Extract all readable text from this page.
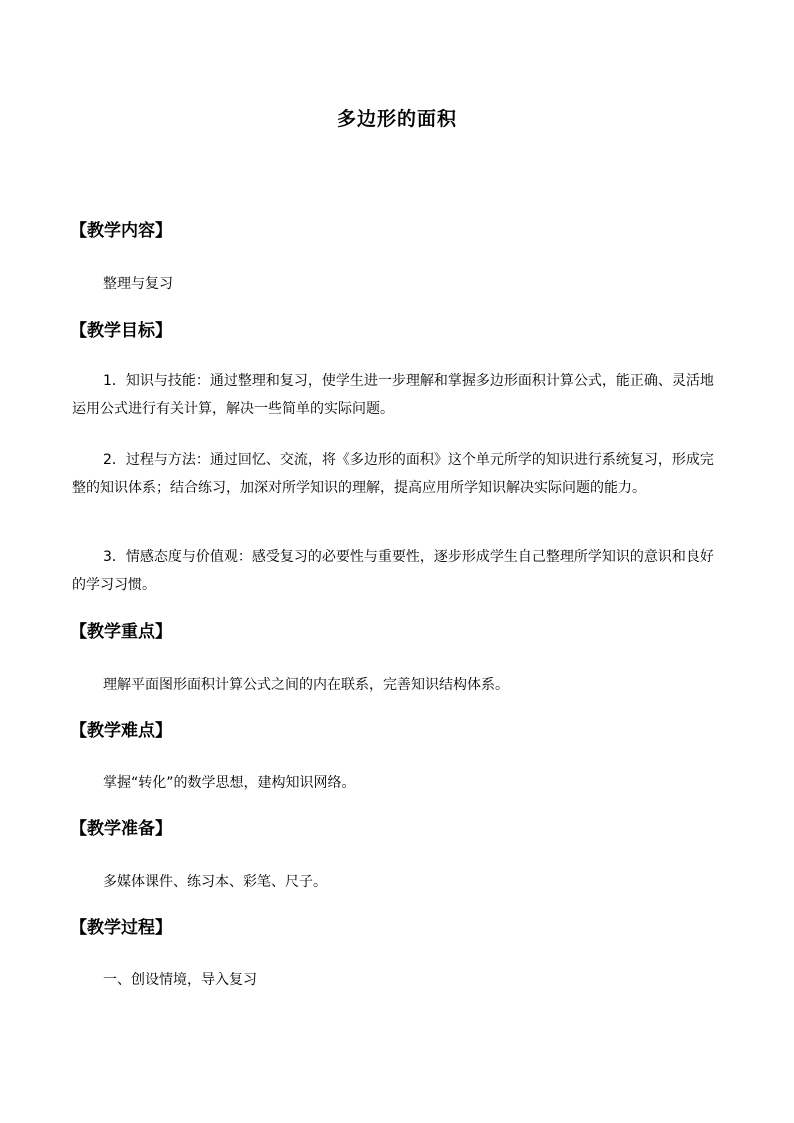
多边形的面积
【教学内容】
整理与复习
【教学目标】
1．知识与技能：通过整理和复习，使学生进一步理解和掌握多边形面积计算公式，能正确、灵活地运用公式进行有关计算，解决一些简单的实际问题。
2．过程与方法：通过回忆、交流，将《多边形的面积》这个单元所学的知识进行系统复习，形成完整的知识体系；结合练习，加深对所学知识的理解，提高应用所学知识解决实际问题的能力。
3．情感态度与价值观：感受复习的必要性与重要性，逐步形成学生自己整理所学知识的意识和良好的学习习惯。
【教学重点】
理解平面图形面积计算公式之间的内在联系，完善知识结构体系。
【教学难点】
掌握“转化”的数学思想，建构知识网络。
【教学准备】
多媒体课件、练习本、彩笔、尺子。
【教学过程】
一、创设情境，导入复习
